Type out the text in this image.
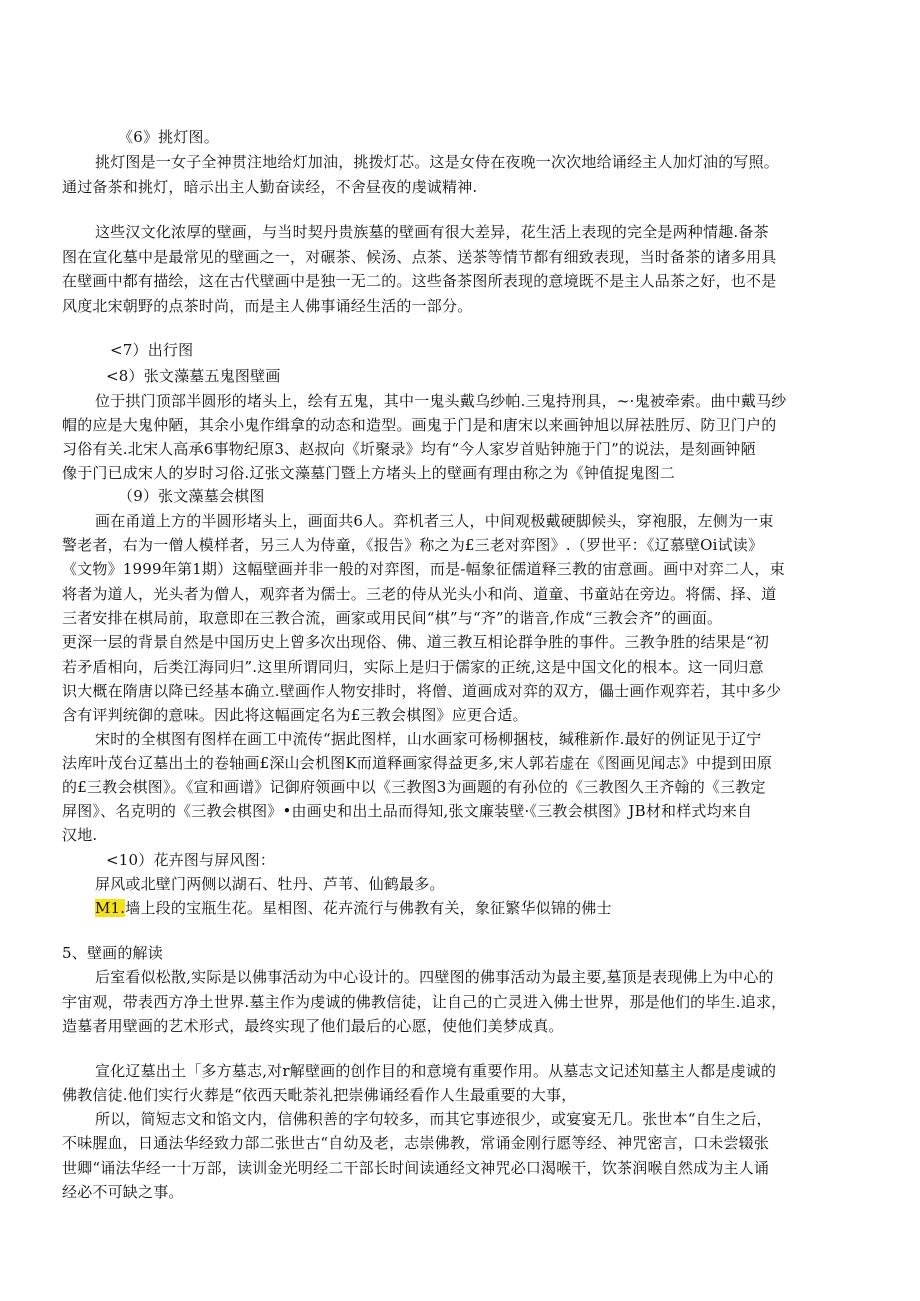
《6》挑灯图。
挑灯图是一女子全神贯注地给灯加油，挑拨灯芯。这是女侍在夜晚一次次地给诵经主人加灯油的写照。
通过备茶和挑灯，暗示出主人勤奋读经，不舍昼夜的虔诚精神.
这些汉文化浓厚的壁画，与当时契丹贵族墓的壁画有很大差异，花生活上表现的完全是两种情趣.备茶
图在宣化墓中是最常见的壁画之一，对碾茶、候汤、点茶、送茶等情节都有细致表现，当时备茶的诸多用具
在壁画中都有描绘，这在古代壁画中是独一无二的。这些备茶图所表现的意境既不是主人品茶之好，也不是
风度北宋朝野的点茶时尚，而是主人佛事诵经生活的一部分。
<7）出行图
<8）张文藻墓五鬼图壁画
位于拱门顶部半圆形的堵头上，绘有五鬼，其中一鬼头戴乌纱帕.三鬼持刑具，~·鬼被牵索。曲中戴马纱
帽的应是大鬼仲陋，其余小鬼作缉拿的动态和造型。画鬼于门是和唐宋以来画钟旭以屏祛胜厉、防卫门户的
习俗有关.北宋人高承6事物纪原3、赵叔向《圻聚录》均有“今人家岁首贴钟施于门”的说法，是刻画钟陋
像于门已成宋人的岁时习俗.辽张文藻墓门暨上方堵头上的壁画有理由称之为《钟值捉鬼图二
（9）张文藻墓会棋图
画在甬道上方的半圆形堵头上，画面共6人。弈机者三人，中间观极戴硬脚候头，穿袍服，左侧为一束
警老者，右为一僧人模样者，另三人为侍童，《报告》称之为£三老对弈图》.（罗世平：《辽慕壁Oi试读》
《文物》1999年第1期）这幅壁画并非一般的对弈图，而是-幅象征儒道释三教的宙意画。画中对弈二人，束
将者为道人，光头者为僧人，观弈者为儒士。三老的侍从光头小和尚、道童、书童站在旁边。将儒、择、道
三者安排在棋局前，取意即在三教合流，画家或用民间“棋”与“齐”的谐音,作成“三教会齐”的画面。
更深一层的背景自然是中国历史上曾多次出现俗、佛、道三教互相论群争胜的事件。三教争胜的结果是“初
若矛盾相向，后类江海同归”.这里所谓同归，实际上是归于儒家的正统,这是中国文化的根本。这一同归意
识大概在隋唐以降已经基本确立.壁画作人物安排时，将僧、道画成对弈的双方，儡士画作观弈若，其中多少
含有评判统御的意味。因此将这幅画定名为£三教会棋图》应更合适。
宋时的全棋图有图样在画工中流传“据此图样，山水画家可杨柳捆枝，缄稚新作.最好的例证见于辽宁
法库叶茂台辽墓出土的卷轴画£深山会机图K而道释画家得益更多,宋人郭若虚在《图画见闻志》中提到田原
的£三教会棋图》。《宣和画谱》记御府领画中以《三教图3为画题的有孙位的《三教图久王齐翰的《三教定
屏图》、名克明的《三教会棋图》•由画史和出土品而得知,张文廉装壁·《三教会棋图》JB材和样式均来自
汉地.
<10）花卉图与屏风图：
屏风或北壁门两侧以湖石、牡丹、芦苇、仙鹤最多。
M1.墙上段的宝瓶生花。星相图、花卉流行与佛教有关，象征繁华似锦的佛士
5、壁画的解读
后室看似松散,实际是以佛事活动为中心设计的。四壁图的佛事活动为最主要,墓顶是表现佛上为中心的
宇宙观，带表西方净土世界.墓主作为虔诚的佛教信徒，让自己的亡灵进入佛士世界，那是他们的毕生.追求，
造墓者用壁画的艺术形式，最终实现了他们最后的心愿，使他们美梦成真。
宣化辽墓出土「多方墓志,对r解壁画的创作目的和意境有重要作用。从墓志文记述知墓主人都是虔诚的
佛教信徒.他们实行火葬是“依西天毗荼礼把崇佛诵经看作人生最重要的大事，
所以，简短志文和馅文内，信佛积善的字句较多，而其它事迹很少，或宴宴无几。张世本“自生之后，
不味腥血，日通法华经致力部二张世古“自幼及老，志崇佛教，常诵金刚行愿等经、神咒密言，口未尝辍张
世卿“诵法华经一十万部，读训金光明经二干部长时间读通经文神咒必口渴喉干，饮茶润喉自然成为主人诵
经必不可缺之事。
